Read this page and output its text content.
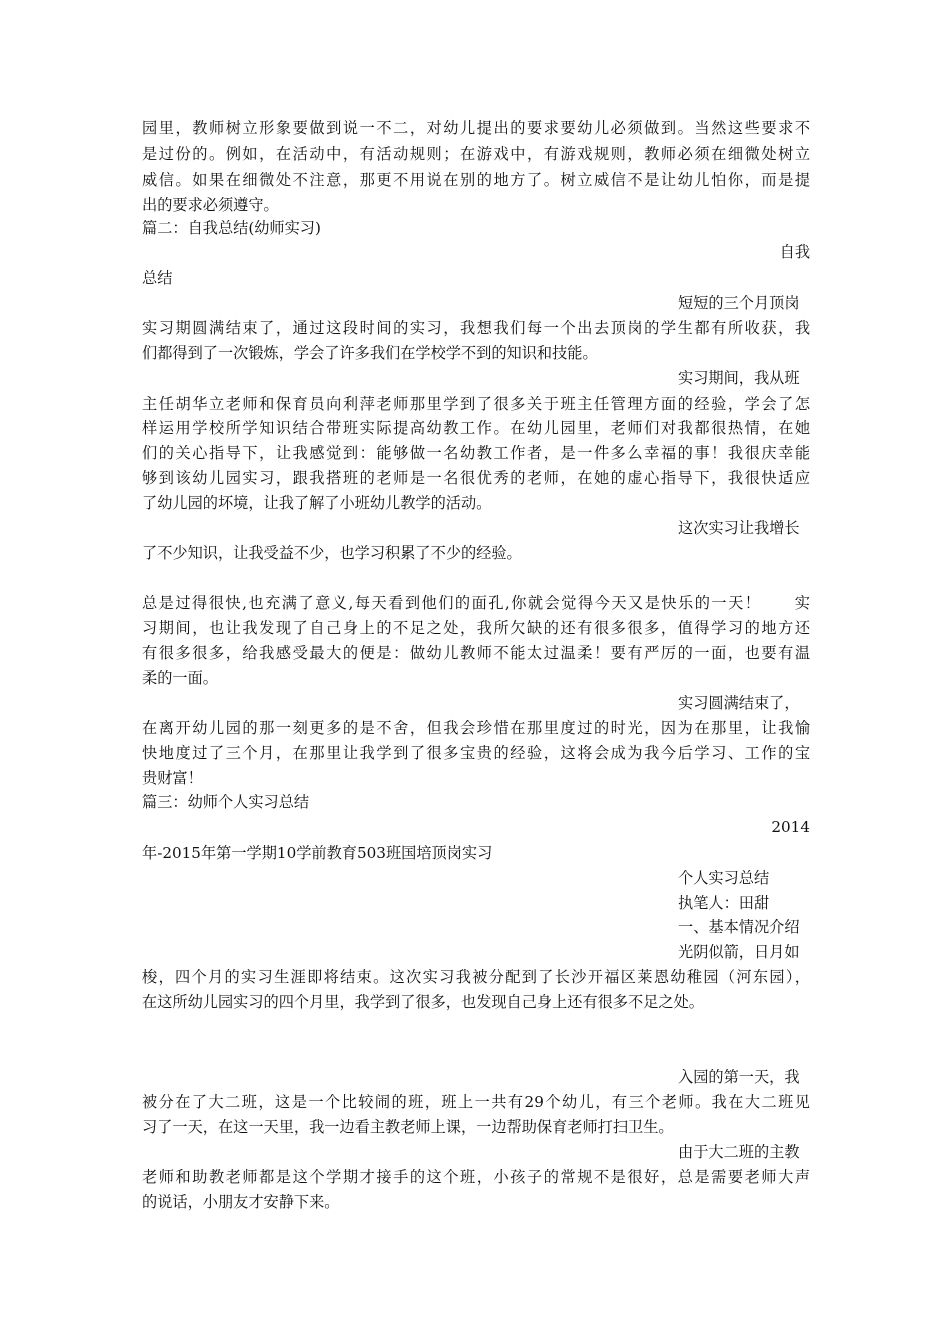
园里，教师树立形象要做到说一不二，对幼儿提出的要求要幼儿必须做到。当然这些要求不
是过份的。例如，在活动中，有活动规则；在游戏中，有游戏规则，教师必须在细微处树立
威信。如果在细微处不注意，那更不用说在别的地方了。树立威信不是让幼儿怕你，而是提
出的要求必须遵守。
篇二：自我总结(幼师实习)
自我
总结
短短的三个月顶岗
实习期圆满结束了，通过这段时间的实习，我想我们每一个出去顶岗的学生都有所收获，我
们都得到了一次锻炼，学会了许多我们在学校学不到的知识和技能。
实习期间，我从班
主任胡华立老师和保育员向利萍老师那里学到了很多关于班主任管理方面的经验，学会了怎
样运用学校所学知识结合带班实际提高幼教工作。在幼儿园里，老师们对我都很热情，在她
们的关心指导下，让我感觉到：能够做一名幼教工作者，是一件多么幸福的事！我很庆幸能
够到该幼儿园实习，跟我搭班的老师是一名很优秀的老师，在她的虚心指导下，我很快适应
了幼儿园的坏境，让我了解了小班幼儿教学的活动。
这次实习让我增长
了不少知识，让我受益不少，也学习积累了不少的经验。
总是过得很快,也充满了意义,每天看到他们的面孔,你就会觉得今天又是快乐的一天！　　实
习期间，也让我发现了自己身上的不足之处，我所欠缺的还有很多很多，值得学习的地方还
有很多很多，给我感受最大的便是：做幼儿教师不能太过温柔！要有严厉的一面，也要有温
柔的一面。
实习圆满结束了，
在离开幼儿园的那一刻更多的是不舍，但我会珍惜在那里度过的时光，因为在那里，让我愉
快地度过了三个月，在那里让我学到了很多宝贵的经验，这将会成为我今后学习、工作的宝
贵财富！
篇三：幼师个人实习总结
2014
年-2015年第一学期10学前教育503班国培顶岗实习
个人实习总结
执笔人：田甜
一、基本情况介绍
光阴似箭，日月如
梭，四个月的实习生涯即将结束。这次实习我被分配到了长沙开福区莱恩幼稚园（河东园），
在这所幼儿园实习的四个月里，我学到了很多，也发现自己身上还有很多不足之处。
入园的第一天，我
被分在了大二班，这是一个比较闹的班，班上一共有29个幼儿，有三个老师。我在大二班见
习了一天，在这一天里，我一边看主教老师上课，一边帮助保育老师打扫卫生。
由于大二班的主教
老师和助教老师都是这个学期才接手的这个班，小孩子的常规不是很好，总是需要老师大声
的说话，小朋友才安静下来。
